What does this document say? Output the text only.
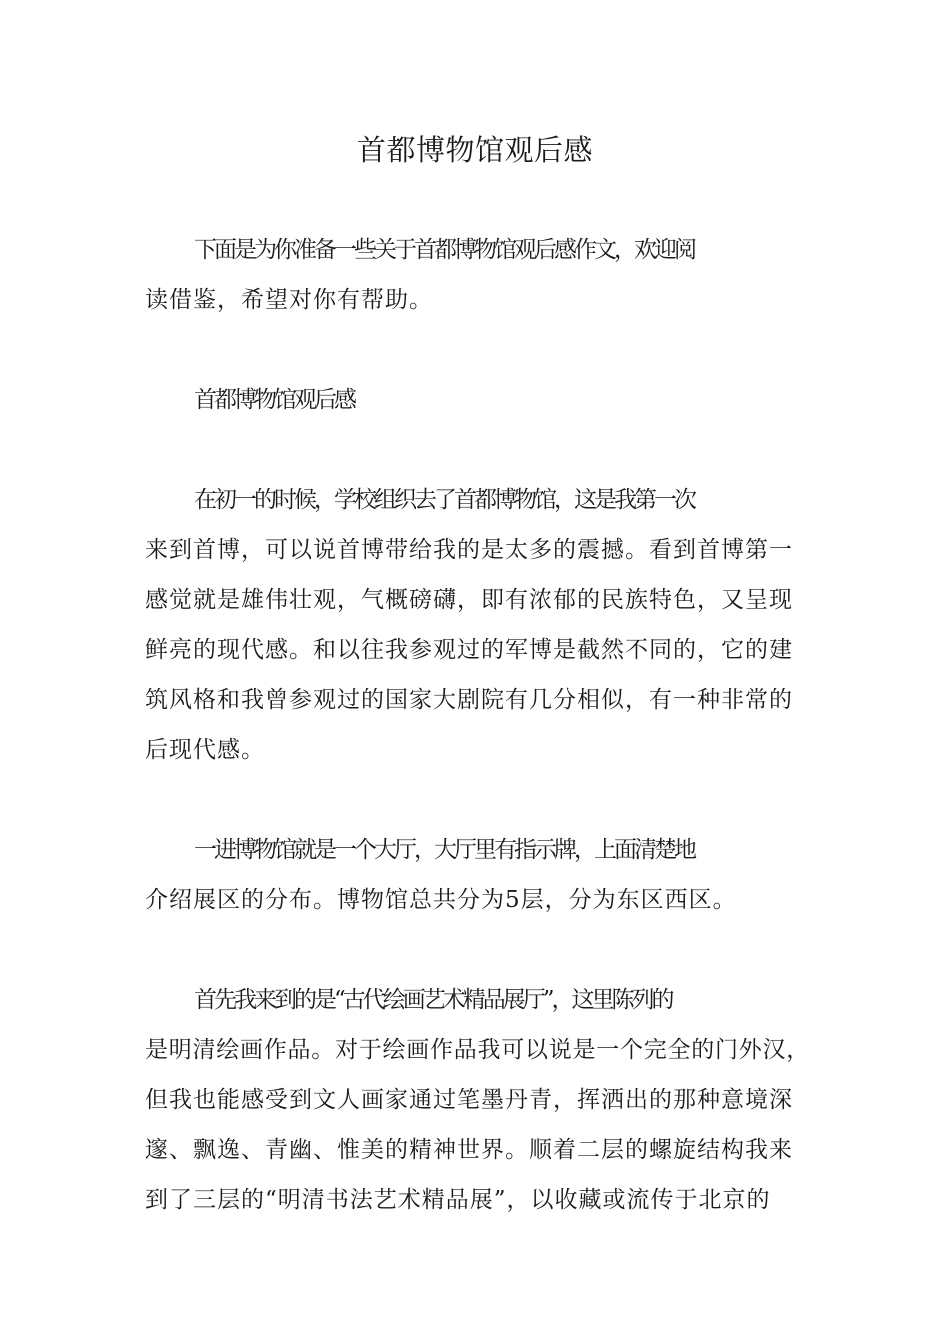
首都博物馆观后感
下面是为你准备一些关于首都博物馆观后感作文，欢迎阅
读借鉴，希望对你有帮助。
首都博物馆观后感
在初一的时候，学校组织去了首都博物馆，这是我第一次
来到首博，可以说首博带给我的是太多的震撼。看到首博第一
感觉就是雄伟壮观，气概磅礴，即有浓郁的民族特色，又呈现
鲜亮的现代感。和以往我参观过的军博是截然不同的，它的建
筑风格和我曾参观过的国家大剧院有几分相似，有一种非常的
后现代感。
一进博物馆就是一个大厅，大厅里有指示牌，上面清楚地
介绍展区的分布。博物馆总共分为5层，分为东区西区。
首先我来到的是“古代绘画艺术精品展厅”，这里陈列的
是明清绘画作品。对于绘画作品我可以说是一个完全的门外汉，
但我也能感受到文人画家通过笔墨丹青，挥洒出的那种意境深
邃、飘逸、青幽、惟美的精神世界。顺着二层的螺旋结构我来
到了三层的“明清书法艺术精品展”，以收藏或流传于北京的
